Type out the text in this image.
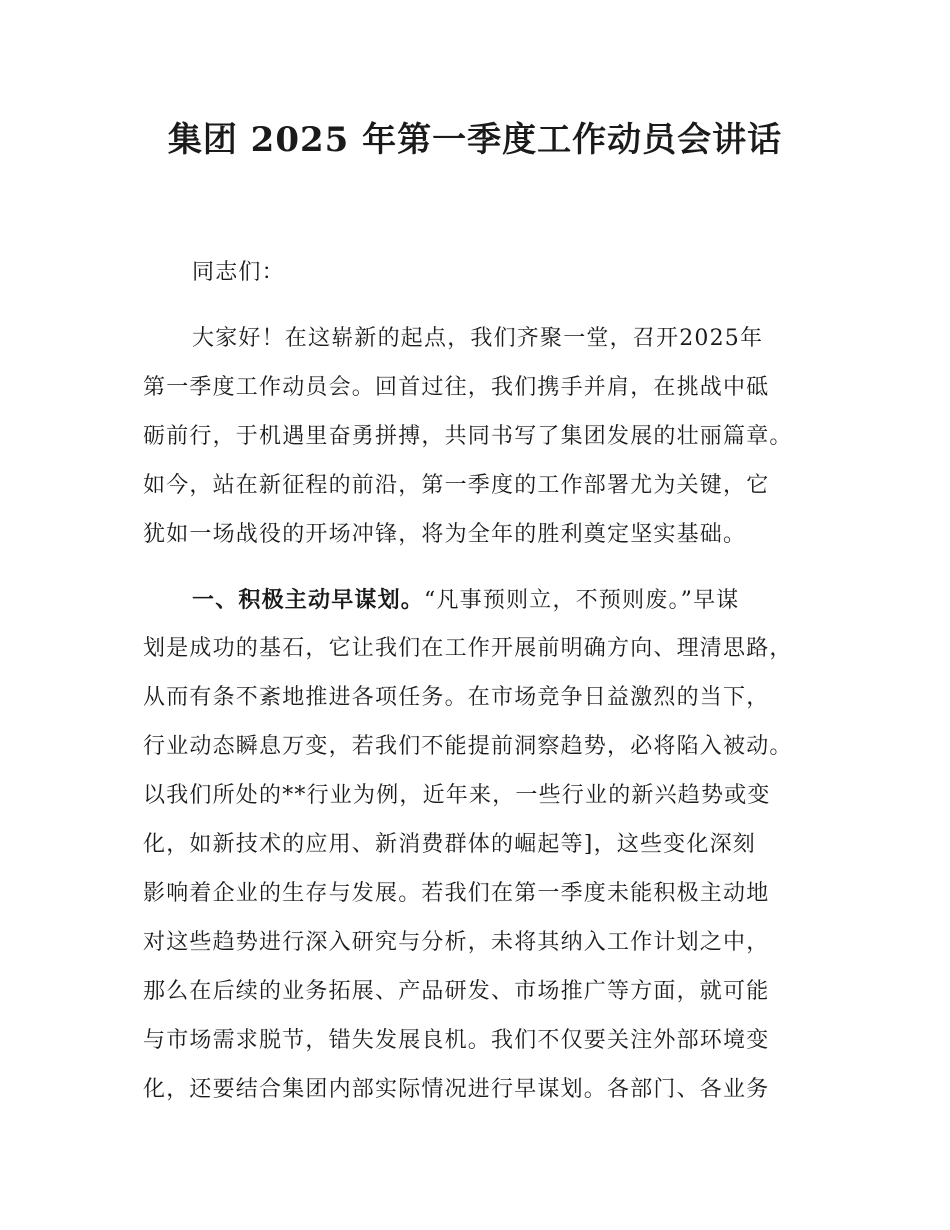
集团 2025 年第一季度工作动员会讲话
同志们：
大家好！在这崭新的起点，我们齐聚一堂，召开2025年
第一季度工作动员会。回首过往，我们携手并肩，在挑战中砥
砺前行，于机遇里奋勇拼搏，共同书写了集团发展的壮丽篇章。
如今，站在新征程的前沿，第一季度的工作部署尤为关键，它
犹如一场战役的开场冲锋，将为全年的胜利奠定坚实基础。
一、积极主动早谋划。“凡事预则立，不预则废。”早谋
划是成功的基石，它让我们在工作开展前明确方向、理清思路，
从而有条不紊地推进各项任务。在市场竞争日益激烈的当下，
行业动态瞬息万变，若我们不能提前洞察趋势，必将陷入被动。
以我们所处的**行业为例，近年来，一些行业的新兴趋势或变
化，如新技术的应用、新消费群体的崛起等]，这些变化深刻
影响着企业的生存与发展。若我们在第一季度未能积极主动地
对这些趋势进行深入研究与分析，未将其纳入工作计划之中，
那么在后续的业务拓展、产品研发、市场推广等方面，就可能
与市场需求脱节，错失发展良机。我们不仅要关注外部环境变
化，还要结合集团内部实际情况进行早谋划。各部门、各业务
